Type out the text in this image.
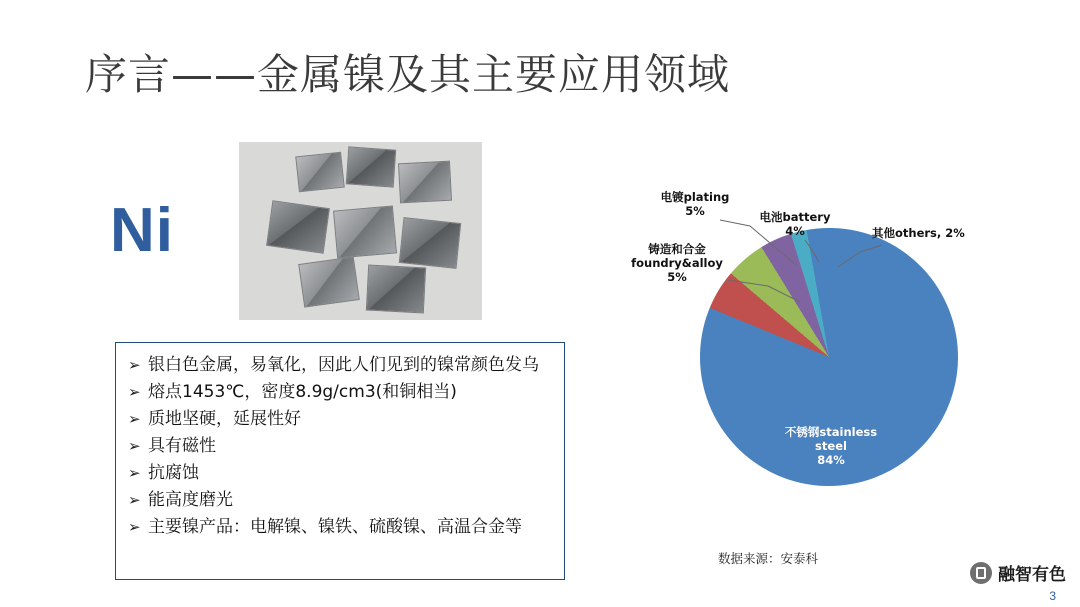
序言——金属镍及其主要应用领域
Ni
➢ 银白色金属，易氧化，因此人们见到的镍常颜色发乌
➢ 熔点1453℃，密度8.9g/cm3(和铜相当)
➢ 质地坚硬，延展性好
➢ 具有磁性
➢ 抗腐蚀
➢ 能高度磨光
➢ 主要镍产品：电解镍、镍铁、硫酸镍、高温合金等
电镀plating
5%	电池battery
4%
铸造和合金
foundry&alloy
5%
其他others, 2%
不锈钢stainless
steel
84%
数据来源：安泰科
融智有色
3
